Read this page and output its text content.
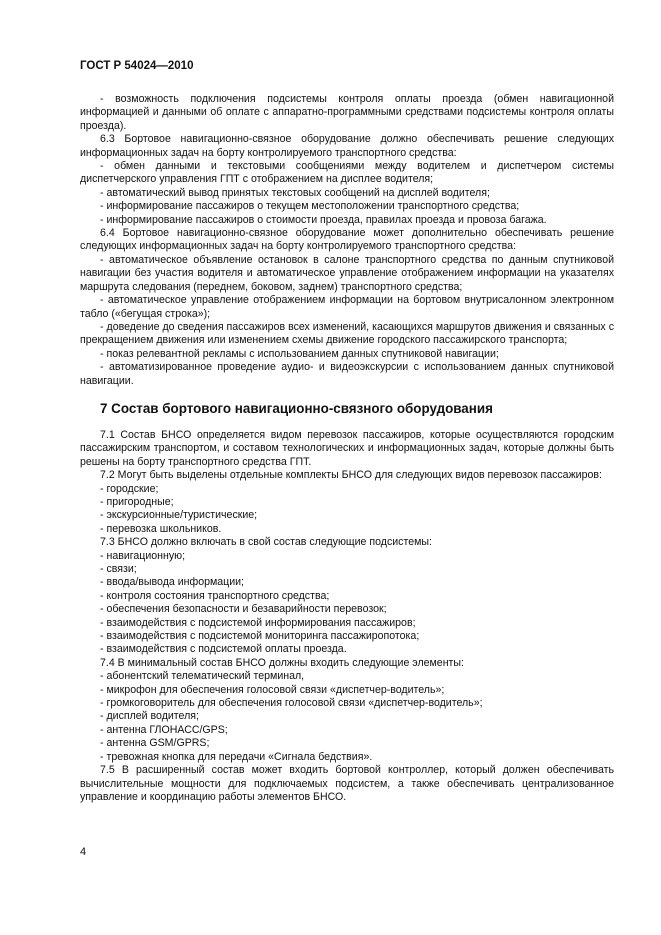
ГОСТ Р 54024—2010

- возможность подключения подсистемы контроля оплаты проезда (обмен навигационной информацией и данными об оплате с аппаратно-программными средствами подсистемы контроля оплаты проезда).

6.3 Бортовое навигационно-связное оборудование должно обеспечивать решение следующих информационных задач на борту контролируемого транспортного средства:

- обмен данными и текстовыми сообщениями между водителем и диспетчером системы диспетчерского управления ГПТ с отображением на дисплее водителя;

- автоматический вывод принятых текстовых сообщений на дисплей водителя;

- информирование пассажиров о текущем местоположении транспортного средства;

- информирование пассажиров о стоимости проезда, правилах проезда и провоза багажа.

6.4 Бортовое навигационно-связное оборудование может дополнительно обеспечивать решение следующих информационных задач на борту контролируемого транспортного средства:

- автоматическое объявление остановок в салоне транспортного средства по данным спутниковой навигации без участия водителя и автоматическое управление отображением информации на указателях маршрута следования (переднем, боковом, заднем) транспортного средства;

- автоматическое управление отображением информации на бортовом внутрисалонном электронном табло («бегущая строка»);

- доведение до сведения пассажиров всех изменений, касающихся маршрутов движения и связанных с прекращением движения или изменением схемы движение городского пассажирского транспорта;

- показ релевантной рекламы с использованием данных спутниковой навигации;

- автоматизированное проведение аудио- и видеоэкскурсии с использованием данных спутниковой навигации.

7 Состав бортового навигационно-связного оборудования

7.1 Состав БНСО определяется видом перевозок пассажиров, которые осуществляются городским пассажирским транспортом, и составом технологических и информационных задач, которые должны быть решены на борту транспортного средства ГПТ.

7.2 Могут быть выделены отдельные комплекты БНСО для следующих видов перевозок пассажиров:

- городские;

- пригородные;

- экскурсионные/туристические;

- перевозка школьников.

7.3 БНСО должно включать в свой состав следующие подсистемы:

- навигационную;

- связи;

- ввода/вывода информации;

- контроля состояния транспортного средства;

- обеспечения безопасности и безаварийности перевозок;

- взаимодействия с подсистемой информирования пассажиров;

- взаимодействия с подсистемой мониторинга пассажиропотока;

- взаимодействия с подсистемой оплаты проезда.

7.4 В минимальный состав БНСО должны входить следующие элементы:

- абонентский телематический терминал,

- микрофон для обеспечения голосовой связи «диспетчер-водитель»;

- громкоговоритель для обеспечения голосовой связи «диспетчер-водитель»;

- дисплей водителя;

- антенна ГЛОНАСС/GPS;

- антенна GSM/GPRS;

- тревожная кнопка для передачи «Сигнала бедствия».

7.5 В расширенный состав может входить бортовой контроллер, который должен обеспечивать вычислительные мощности для подключаемых подсистем, а также обеспечивать централизованное управление и координацию работы элементов БНСО.

4
